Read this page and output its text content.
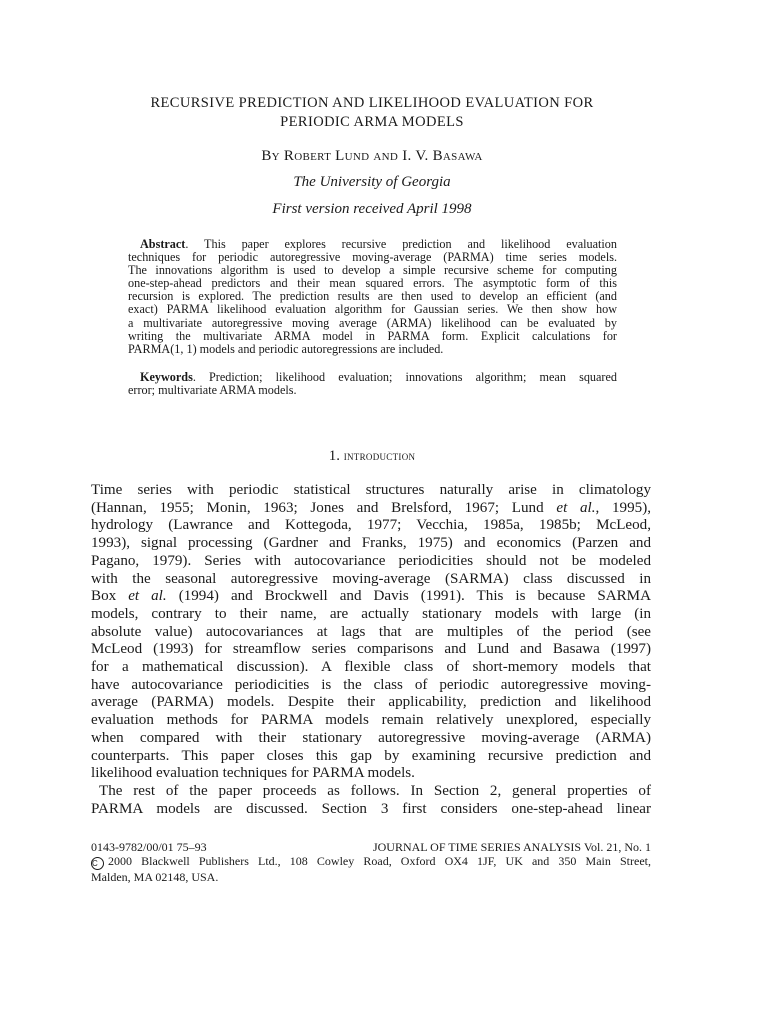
RECURSIVE PREDICTION AND LIKELIHOOD EVALUATION FOR
PERIODIC ARMA MODELS
By Robert Lund and I. V. Basawa
The University of Georgia
First version received April 1998
Abstract. This paper explores recursive prediction and likelihood evaluation
techniques for periodic autoregressive moving-average (PARMA) time series models.
The innovations algorithm is used to develop a simple recursive scheme for computing
one-step-ahead predictors and their mean squared errors. The asymptotic form of this
recursion is explored. The prediction results are then used to develop an efficient (and
exact) PARMA likelihood evaluation algorithm for Gaussian series. We then show how
a multivariate autoregressive moving average (ARMA) likelihood can be evaluated by
writing the multivariate ARMA model in PARMA form. Explicit calculations for
PARMA(1, 1) models and periodic autoregressions are included.
Keywords. Prediction; likelihood evaluation; innovations algorithm; mean squared
error; multivariate ARMA models.
1. introduction
Time series with periodic statistical structures naturally arise in climatology
(Hannan, 1955; Monin, 1963; Jones and Brelsford, 1967; Lund et al., 1995),
hydrology (Lawrance and Kottegoda, 1977; Vecchia, 1985a, 1985b; McLeod,
1993), signal processing (Gardner and Franks, 1975) and economics (Parzen and
Pagano, 1979). Series with autocovariance periodicities should not be modeled
with the seasonal autoregressive moving-average (SARMA) class discussed in
Box et al. (1994) and Brockwell and Davis (1991). This is because SARMA
models, contrary to their name, are actually stationary models with large (in
absolute value) autocovariances at lags that are multiples of the period (see
McLeod (1993) for streamflow series comparisons and Lund and Basawa (1997)
for a mathematical discussion). A flexible class of short-memory models that
have autocovariance periodicities is the class of periodic autoregressive moving-
average (PARMA) models. Despite their applicability, prediction and likelihood
evaluation methods for PARMA models remain relatively unexplored, especially
when compared with their stationary autoregressive moving-average (ARMA)
counterparts. This paper closes this gap by examining recursive prediction and
likelihood evaluation techniques for PARMA models.
The rest of the paper proceeds as follows. In Section 2, general properties of
PARMA models are discussed. Section 3 first considers one-step-ahead linear
0143-9782/00/01 75–93	JOURNAL OF TIME SERIES ANALYSIS Vol. 21, No. 1
C 2000 Blackwell Publishers Ltd., 108 Cowley Road, Oxford OX4 1JF, UK and 350 Main Street,
Malden, MA 02148, USA.
